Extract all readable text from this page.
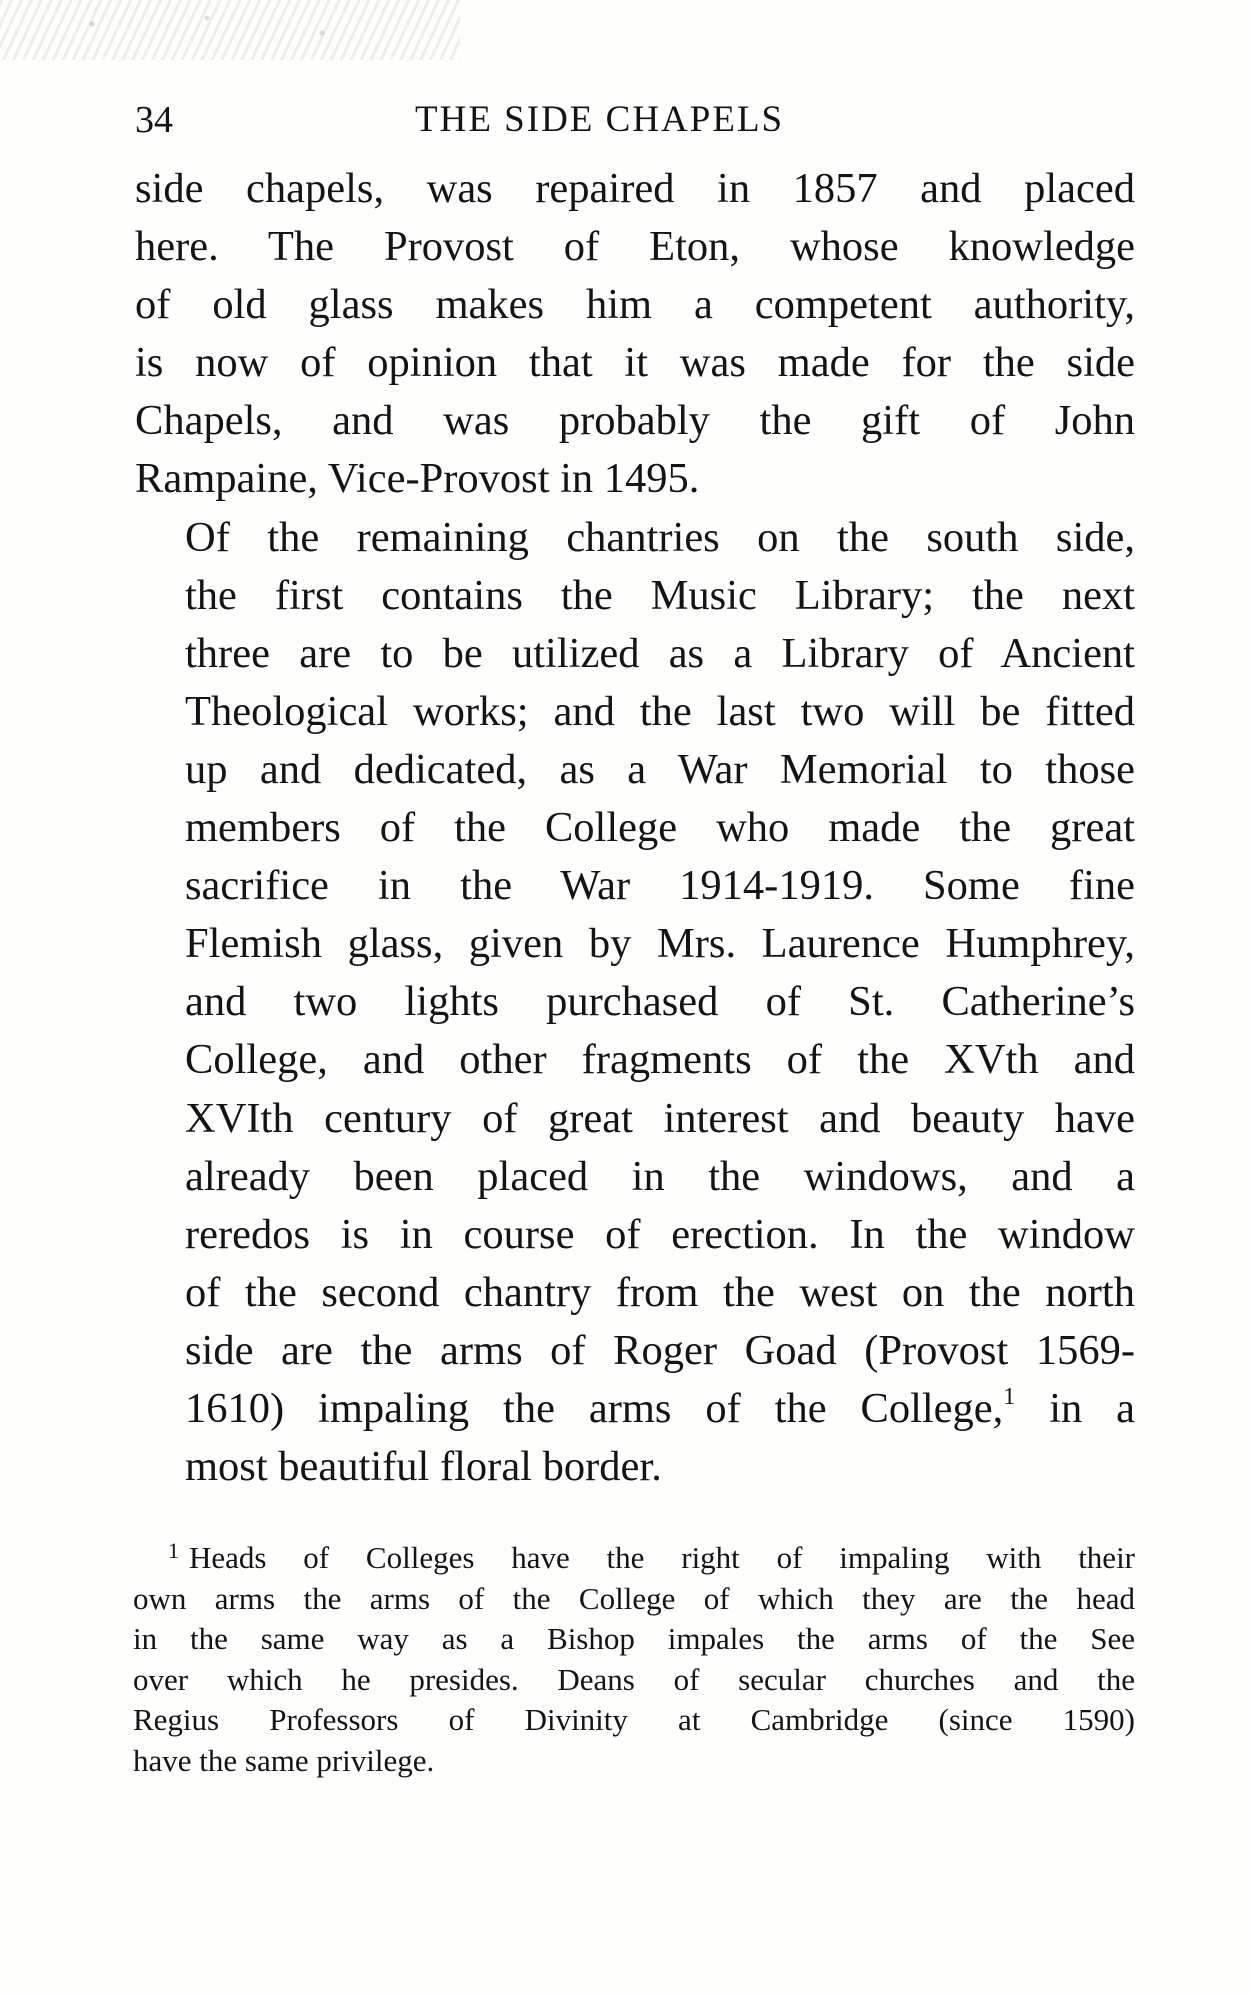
34	THE SIDE CHAPELS

side chapels, was repaired in 1857 and placed
here. The Provost of Eton, whose knowledge
of old glass makes him a competent authority,
is now of opinion that it was made for the side
Chapels, and was probably the gift of John
Rampaine, Vice-Provost in 1495.

Of the remaining chantries on the south side,
the first contains the Music Library; the next
three are to be utilized as a Library of Ancient
Theological works; and the last two will be fitted
up and dedicated, as a War Memorial to those
members of the College who made the great
sacrifice in the War 1914-1919. Some fine
Flemish glass, given by Mrs. Laurence Humphrey,
and two lights purchased of St. Catherine’s
College, and other fragments of the XVth and
XVIth century of great interest and beauty have
already been placed in the windows, and a
reredos is in course of erection. In the window
of the second chantry from the west on the north
side are the arms of Roger Goad (Provost 1569-
1610) impaling the arms of the College,$^1$ in a
most beautiful floral border.

$^1$ Heads of Colleges have the right of impaling with their
own arms the arms of the College of which they are the head
in the same way as a Bishop impales the arms of the See
over which he presides. Deans of secular churches and the
Regius Professors of Divinity at Cambridge (since 1590)
have the same privilege.
